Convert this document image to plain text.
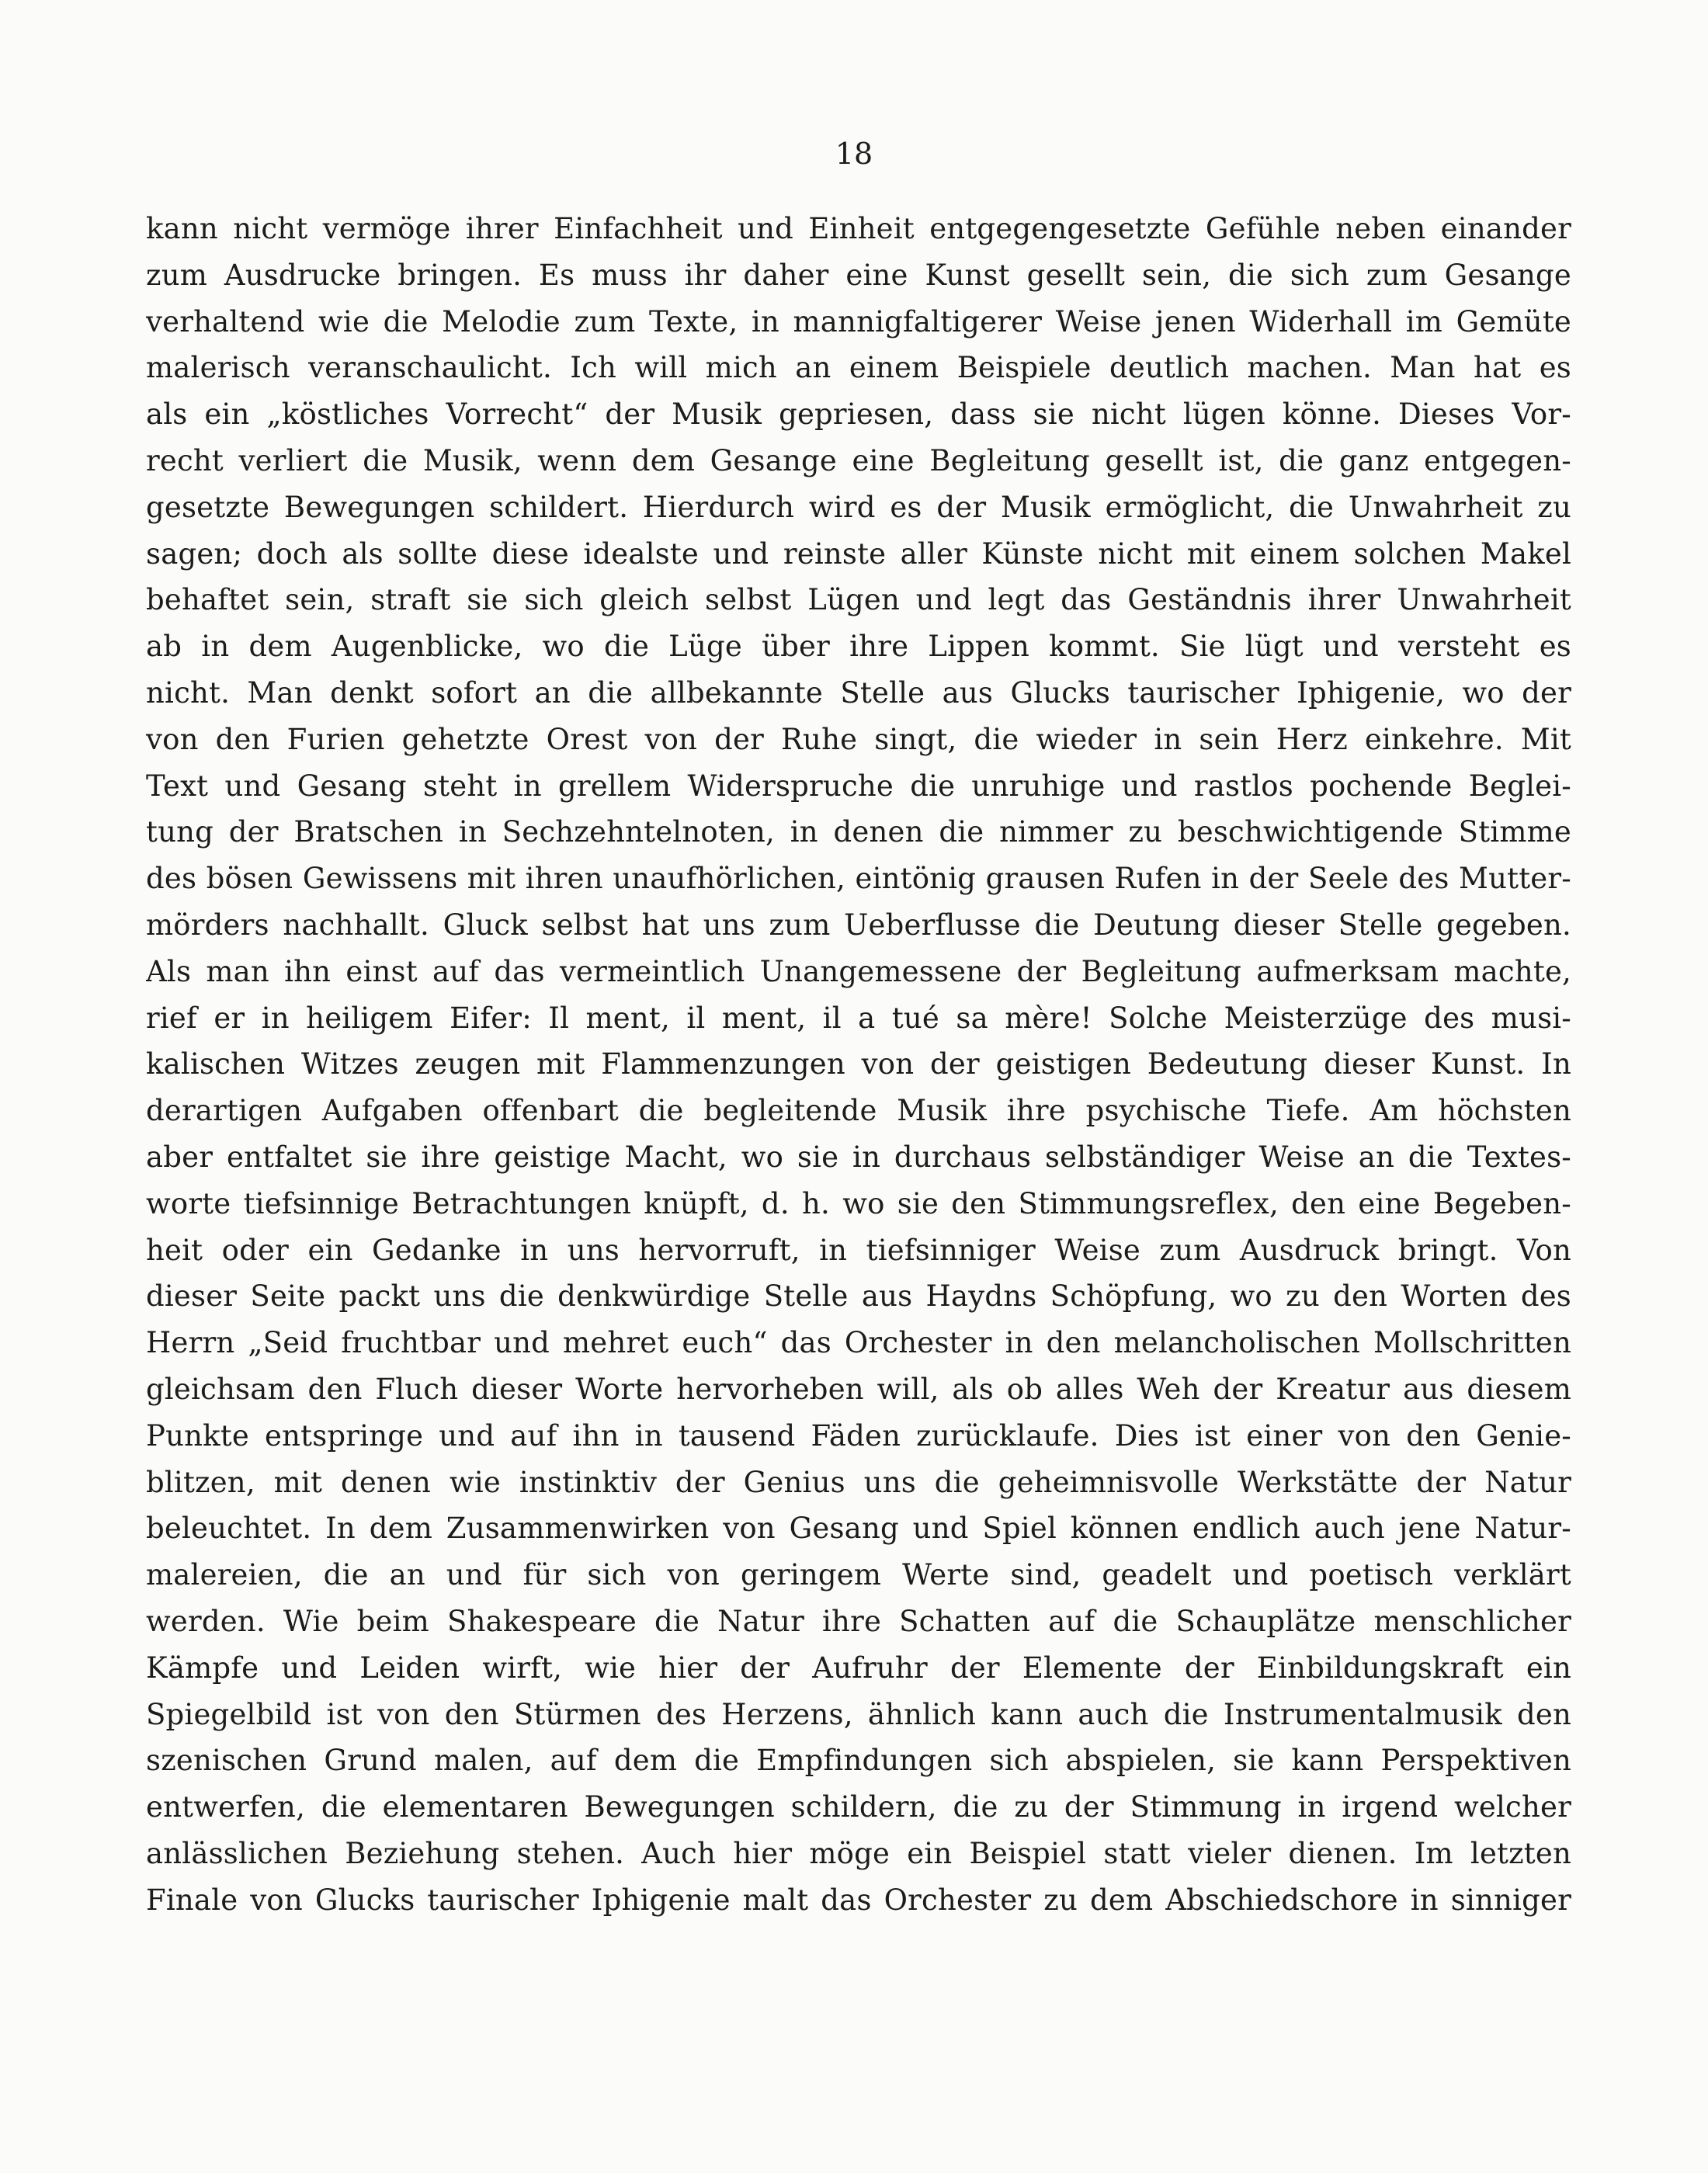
18
kann nicht vermöge ihrer Einfachheit und Einheit entgegengesetzte Gefühle neben einander
zum Ausdrucke bringen. Es muss ihr daher eine Kunst gesellt sein, die sich zum Gesange
verhaltend wie die Melodie zum Texte, in mannigfaltigerer Weise jenen Widerhall im Gemüte
malerisch veranschaulicht. Ich will mich an einem Beispiele deutlich machen. Man hat es
als ein „köstliches Vorrecht“ der Musik gepriesen, dass sie nicht lügen könne. Dieses Vor-
recht verliert die Musik, wenn dem Gesange eine Begleitung gesellt ist, die ganz entgegen-
gesetzte Bewegungen schildert. Hierdurch wird es der Musik ermöglicht, die Unwahrheit zu
sagen; doch als sollte diese idealste und reinste aller Künste nicht mit einem solchen Makel
behaftet sein, straft sie sich gleich selbst Lügen und legt das Geständnis ihrer Unwahrheit
ab in dem Augenblicke, wo die Lüge über ihre Lippen kommt. Sie lügt und versteht es
nicht. Man denkt sofort an die allbekannte Stelle aus Glucks taurischer Iphigenie, wo der
von den Furien gehetzte Orest von der Ruhe singt, die wieder in sein Herz einkehre. Mit
Text und Gesang steht in grellem Widerspruche die unruhige und rastlos pochende Beglei-
tung der Bratschen in Sechzehntelnoten, in denen die nimmer zu beschwichtigende Stimme
des bösen Gewissens mit ihren unaufhörlichen, eintönig grausen Rufen in der Seele des Mutter-
mörders nachhallt. Gluck selbst hat uns zum Ueberflusse die Deutung dieser Stelle gegeben.
Als man ihn einst auf das vermeintlich Unangemessene der Begleitung aufmerksam machte,
rief er in heiligem Eifer: Il ment, il ment, il a tué sa mère! Solche Meisterzüge des musi-
kalischen Witzes zeugen mit Flammenzungen von der geistigen Bedeutung dieser Kunst. In
derartigen Aufgaben offenbart die begleitende Musik ihre psychische Tiefe. Am höchsten
aber entfaltet sie ihre geistige Macht, wo sie in durchaus selbständiger Weise an die Textes-
worte tiefsinnige Betrachtungen knüpft, d. h. wo sie den Stimmungsreflex, den eine Begeben-
heit oder ein Gedanke in uns hervorruft, in tiefsinniger Weise zum Ausdruck bringt. Von
dieser Seite packt uns die denkwürdige Stelle aus Haydns Schöpfung, wo zu den Worten des
Herrn „Seid fruchtbar und mehret euch“ das Orchester in den melancholischen Mollschritten
gleichsam den Fluch dieser Worte hervorheben will, als ob alles Weh der Kreatur aus diesem
Punkte entspringe und auf ihn in tausend Fäden zurücklaufe. Dies ist einer von den Genie-
blitzen, mit denen wie instinktiv der Genius uns die geheimnisvolle Werkstätte der Natur
beleuchtet. In dem Zusammenwirken von Gesang und Spiel können endlich auch jene Natur-
malereien, die an und für sich von geringem Werte sind, geadelt und poetisch verklärt
werden. Wie beim Shakespeare die Natur ihre Schatten auf die Schauplätze menschlicher
Kämpfe und Leiden wirft, wie hier der Aufruhr der Elemente der Einbildungskraft ein
Spiegelbild ist von den Stürmen des Herzens, ähnlich kann auch die Instrumentalmusik den
szenischen Grund malen, auf dem die Empfindungen sich abspielen, sie kann Perspektiven
entwerfen, die elementaren Bewegungen schildern, die zu der Stimmung in irgend welcher
anlässlichen Beziehung stehen. Auch hier möge ein Beispiel statt vieler dienen. Im letzten
Finale von Glucks taurischer Iphigenie malt das Orchester zu dem Abschiedschore in sinniger
